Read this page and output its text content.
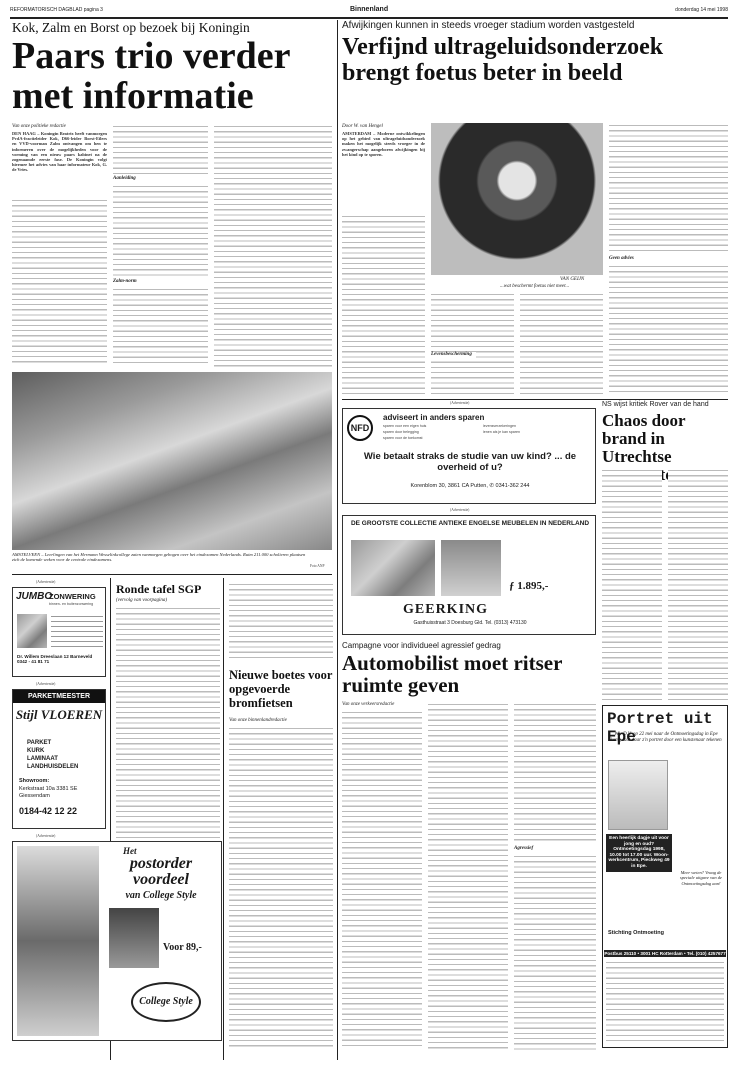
REFORMATORISCH DAGBLAD pagina 3	Binnenland	donderdag 14 mei 1998
Kok, Zalm en Borst op bezoek bij Koningin
Paars trio verder met informatie
Van onze politieke redactie
DEN HAAG – Koningin Beatrix heeft vanmorgen PvdA-fractieleider Kok, D66-leider Borst-Eilers en VVD-voorman Zalm ontvangen om hen te informeren over de mogelijkheden voor de vorming van een nieuw paars kabinet na de zogenaamde eerste fase. De Koningin volgt hiermee het advies van haar informateur Kok, G. de Vries.
Aanleiding
Zalm-norm
AMSTELVEEN – Leerlingen van het Hermann Wesselinkcollege zaten vanmorgen gebogen over het eindexamen Nederlands. Ruim 211.000 scholieren plaatsen zich de komende weken voor de centrale eindexamens.
Foto ANP
Afwijkingen kunnen in steeds vroeger stadium worden vastgesteld
Verfijnd ultrageluidsonderzoek brengt foetus beter in beeld
Door W. van Hengel
AMSTERDAM – Moderne ontwikkelingen op het gebied van ultrageluidsonderzoek maken het mogelijk steeds vroeger in de zwangerschap aangeboren afwijkingen bij het kind op te sporen.
VAN GEIJN
...wat beschermt foetus niet meer...
Levensbescherming
Geen advies
(Advertentie)
NFD
adviseert in anders sparen
sparen voor een eigen huis
sparen door belegging
sparen voor de toekomst
levensverzekeringen
lenen als je kan sparen
Wie betaalt straks de studie van uw kind? ... de overheid of u?
Korenblom 30, 3861 CA Putten, ✆ 0341-362 244
NS wijst kritiek Rover van de hand
Chaos door brand in Utrechtse
(Advertentie)
DE GROOTSTE COLLECTIE ANTIEKE ENGELSE MEUBELEN IN NEDERLAND
ƒ 1.895,-
GEERKING
Gasthuisstraat 3 Doesburg Gld. Tel. (0313) 473130
Campagne voor individueel agressief gedrag
Automobilist moet ritser ruimte geven
Van onze verkeersredactie
Agressief
Portret uit Epe
Wie D.V. op 22 mei naar de Ontmoetingsdag in Epe komt, laat daar z'n portret door een kunstenaar tekenen
Een heerlijk dagje uit voor jong en oud? Ontmoetingsdag 1998, 10.00 tot 17.00 uur. Woon-werkcentrum, Pieckweg 49 in Epe.
Meer weten? Vraag de speciale uitgave van de Ontmoetingsdag aan!
Stichting Ontmoeting
Postbus 25110 • 3001 HC Rotterdam • Tel. (010) 4257677
(Advertentie)
JUMBO
ZONWERING
binnen- en buitenzonwering
Dr. Willem Dreeslaan 12 Barneveld 0342 - 41 81 71
(Advertentie)
PARKETMEESTER
Stijl VLOEREN
PARKET
KURK
LAMINAAT
LANDHUISDELEN
Showroom:
Kerkstraat 10a 3381 SE Giessendam
0184-42 12 22
(Advertentie)
Het
postorder voordeel
van College Style
Voor 89,-
College Style
Ronde tafel SGP
(vervolg van voorpagina)
Nieuwe boetes voor opgevoerde bromfietsen
Van onze binnenlandredactie
